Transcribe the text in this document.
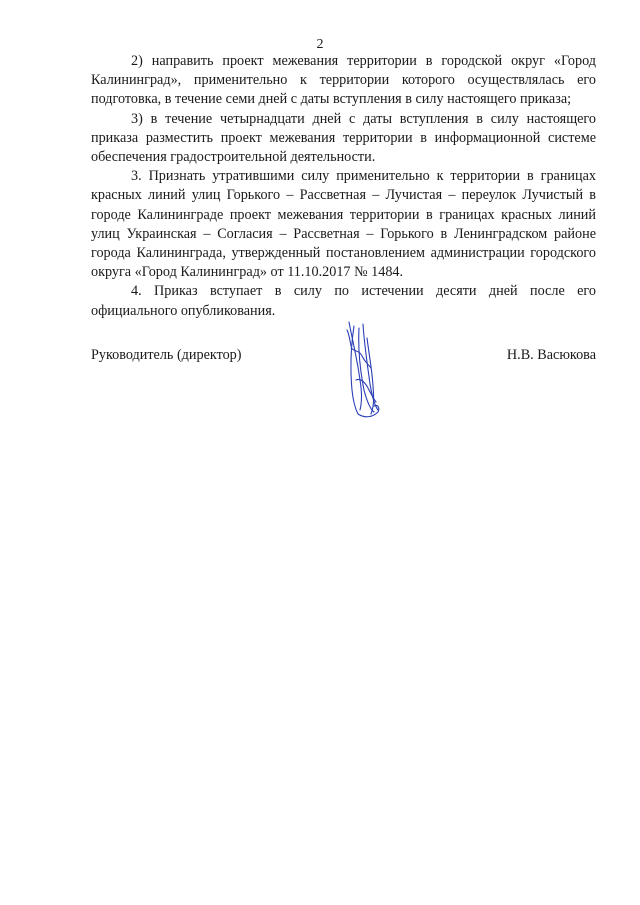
2

2) направить проект межевания территории в городской округ «Город Калининград», применительно к территории которого осуществлялась его подготовка, в течение семи дней с даты вступления в силу настоящего приказа;

3) в течение четырнадцати дней с даты вступления в силу настоящего приказа разместить проект межевания территории в информационной системе обеспечения градостроительной деятельности.

3. Признать утратившими силу применительно к территории в границах красных линий улиц Горького – Рассветная – Лучистая – переулок Лучистый в городе Калининграде проект межевания территории в границах красных линий улиц Украинская – Согласия – Рассветная – Горького в Ленинградском районе города Калининграда, утвержденный постановлением администрации городского округа «Город Калининград» от 11.10.2017 № 1484.

4. Приказ вступает в силу по истечении десяти дней после его официального опубликования.

Руководитель (директор)	Н.В. Васюкова
